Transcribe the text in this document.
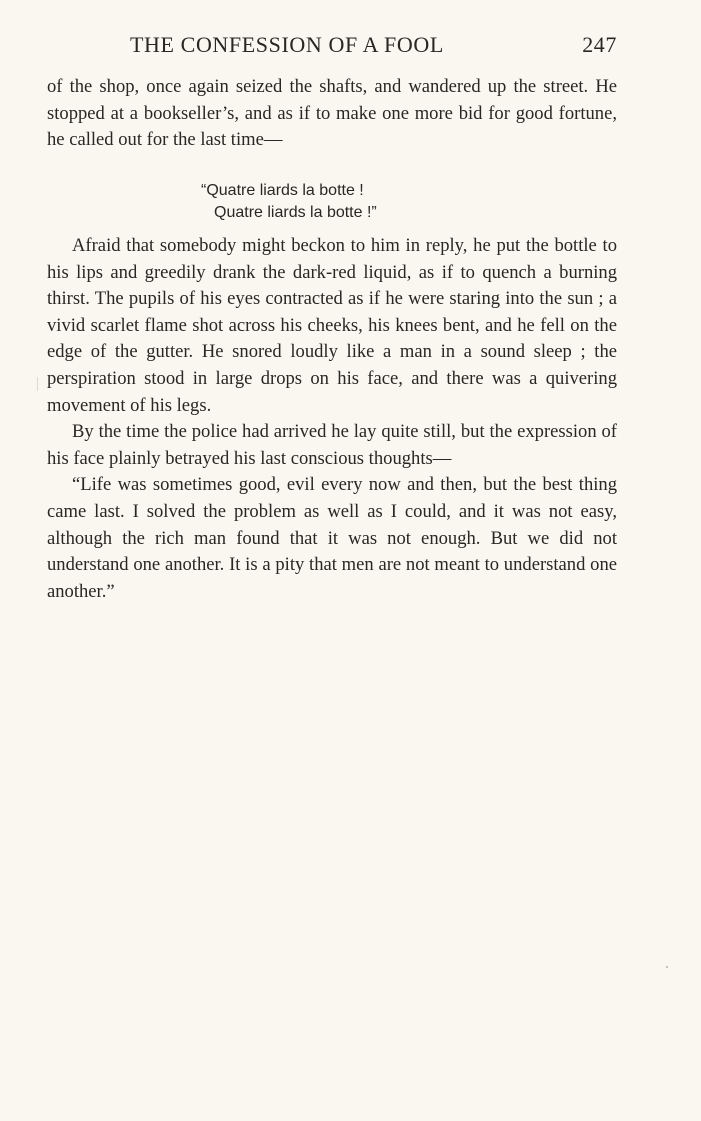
THE CONFESSION OF A FOOL	247

of the shop, once again seized the shafts, and wandered up the street. He stopped at a bookseller’s, and as if to make one more bid for good fortune, he called out for the last time—

“Quatre liards la botte !
Quatre liards la botte !”

Afraid that somebody might beckon to him in reply, he put the bottle to his lips and greedily drank the dark-red liquid, as if to quench a burning thirst. The pupils of his eyes contracted as if he were staring into the sun ; a vivid scarlet flame shot across his cheeks, his knees bent, and he fell on the edge of the gutter. He snored loudly like a man in a sound sleep ; the perspiration stood in large drops on his face, and there was a quivering movement of his legs.

By the time the police had arrived he lay quite still, but the expression of his face plainly betrayed his last conscious thoughts—

“Life was sometimes good, evil every now and then, but the best thing came last. I solved the problem as well as I could, and it was not easy, although the rich man found that it was not enough. But we did not understand one another. It is a pity that men are not meant to understand one another.”
